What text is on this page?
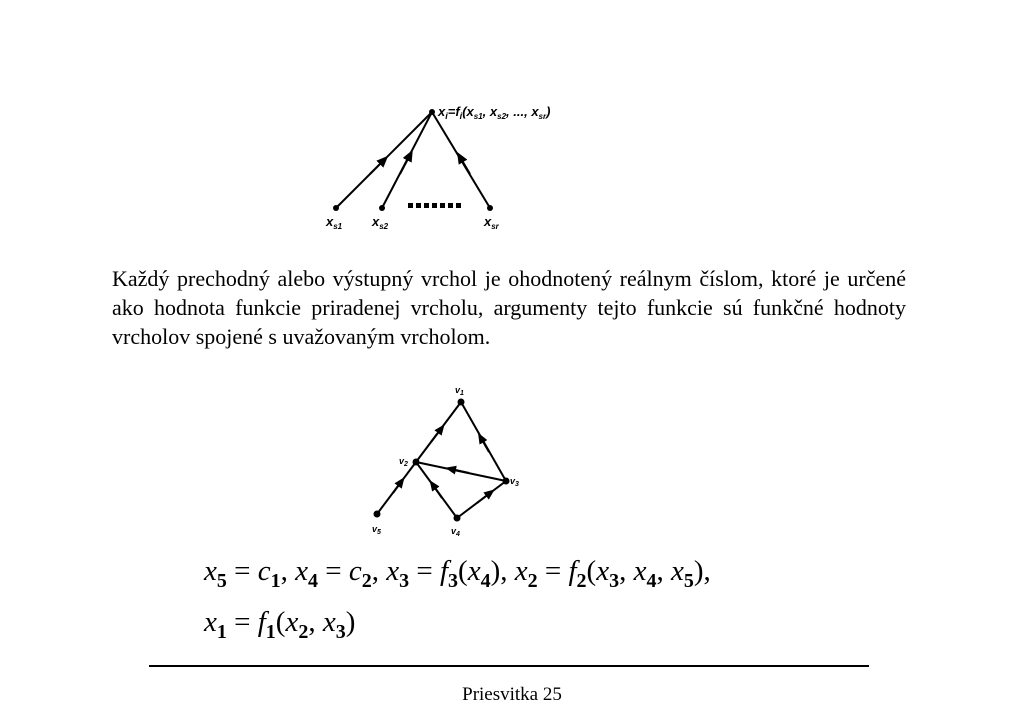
$x_i=f_i(x_{s1}$, $x_{s2}$, ..., $x_{sr}$)
$x_{s1}$ $x_{s2}$	$x_{sr}$
Každý prechodný alebo výstupný vrchol je ohodnotený reálnym číslom, ktoré je určené ako hodnota funkcie priradenej vrcholu, argumenty tejto funkcie sú funkčné hodnoty vrcholov spojené s uvažovaným vrcholom.
$v_1$
$v_2$
$v_3$
$v_4$
$v_5$
$x_5 = c_1$, $x_4 = c_2$, $x_3 = f_3(x_4)$, $x_2 = f_2(x_3$, $x_4$, $x_5$),
$x_1 = f_1(x_2$, $x_3$)
Priesvitka 25
